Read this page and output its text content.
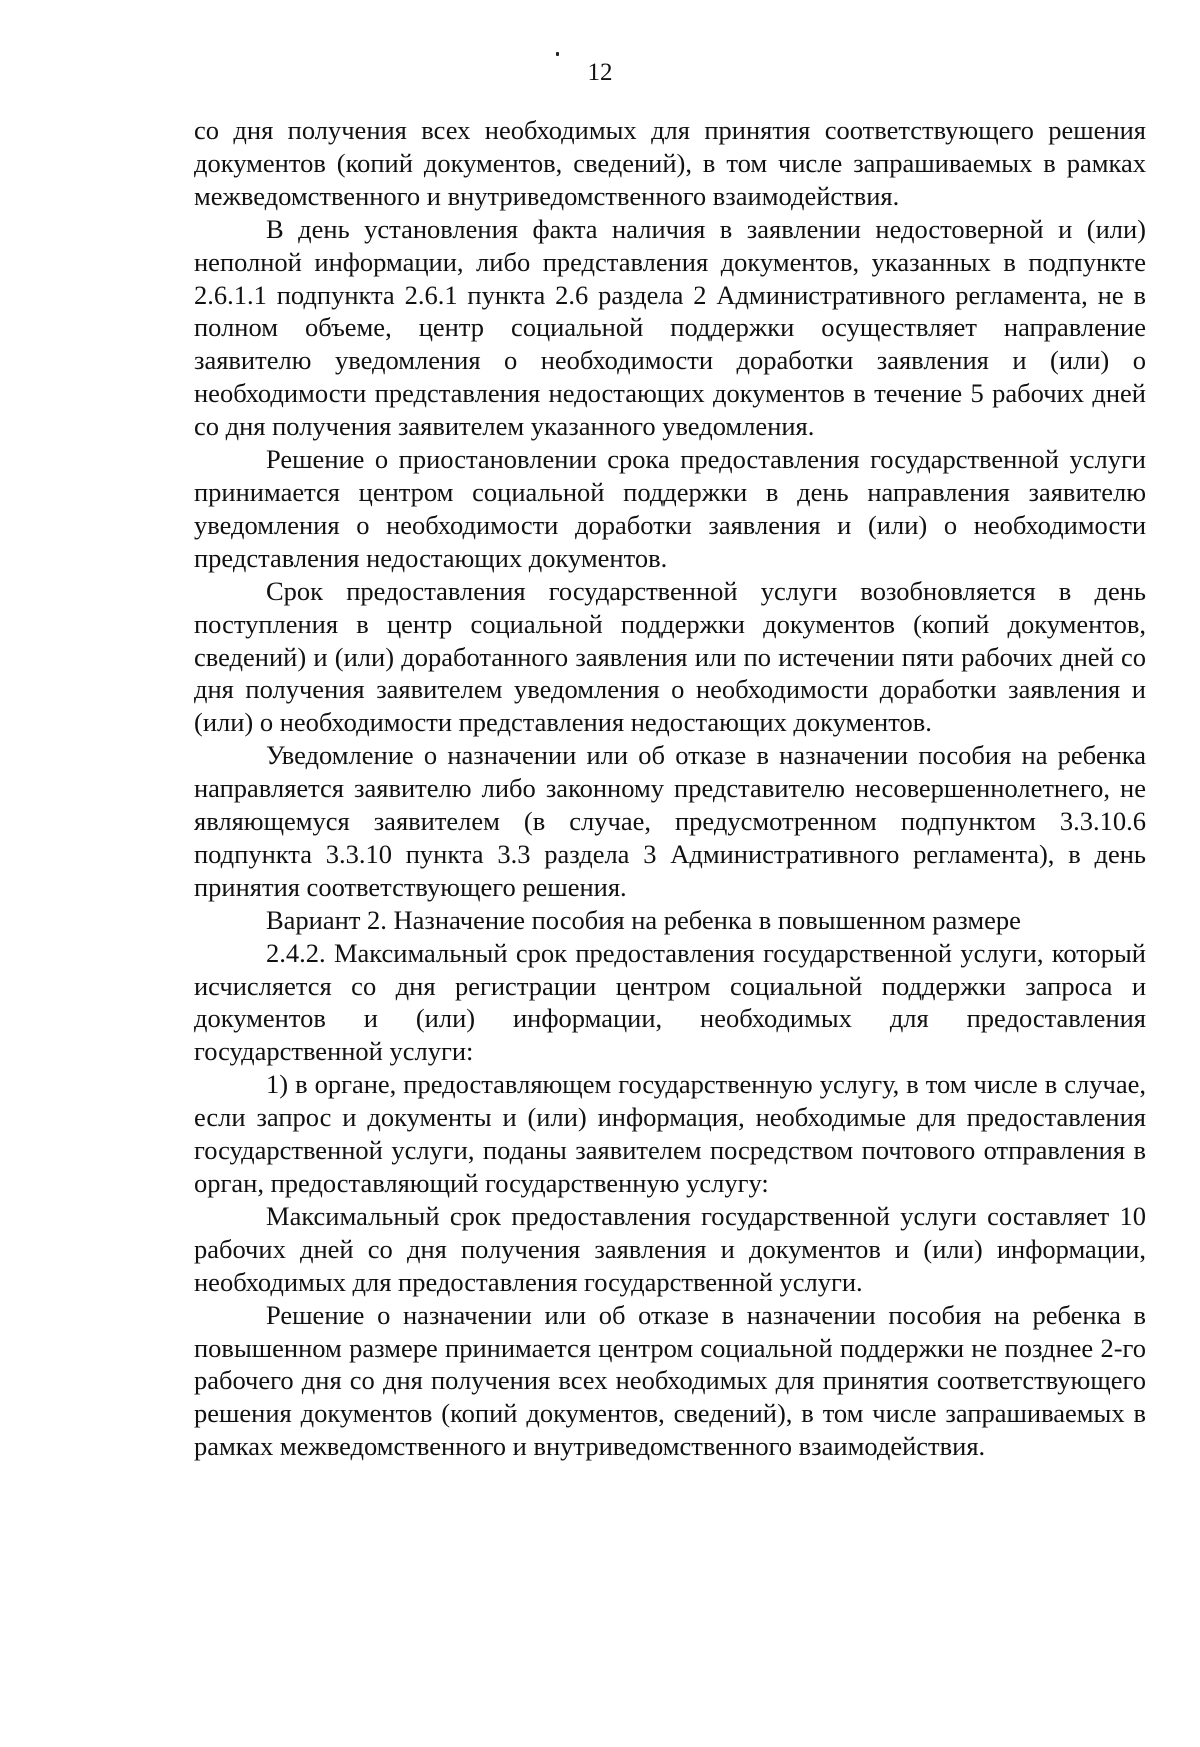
12

со дня получения всех необходимых для принятия соответствующего решения документов (копий документов, сведений), в том числе запрашиваемых в рамках межведомственного и внутриведомственного взаимодействия.

В день установления факта наличия в заявлении недостоверной и (или) неполной информации, либо представления документов, указанных в подпункте 2.6.1.1 подпункта 2.6.1 пункта 2.6 раздела 2 Административного регламента, не в полном объеме, центр социальной поддержки осуществляет направление заявителю уведомления о необходимости доработки заявления и (или) о необходимости представления недостающих документов в течение 5 рабочих дней со дня получения заявителем указанного уведомления.

Решение о приостановлении срока предоставления государственной услуги принимается центром социальной поддержки в день направления заявителю уведомления о необходимости доработки заявления и (или) о необходимости представления недостающих документов.

Срок предоставления государственной услуги возобновляется в день поступления в центр социальной поддержки документов (копий документов, сведений) и (или) доработанного заявления или по истечении пяти рабочих дней со дня получения заявителем уведомления о необходимости доработки заявления и (или) о необходимости представления недостающих документов.

Уведомление о назначении или об отказе в назначении пособия на ребенка направляется заявителю либо законному представителю несовершеннолетнего, не являющемуся заявителем (в случае, предусмотренном подпунктом 3.3.10.6 подпункта 3.3.10 пункта 3.3 раздела 3 Административного регламента), в день принятия соответствующего решения.

Вариант 2. Назначение пособия на ребенка в повышенном размере

2.4.2. Максимальный срок предоставления государственной услуги, который исчисляется со дня регистрации центром социальной поддержки запроса и документов и (или) информации, необходимых для предоставления государственной услуги:

1) в органе, предоставляющем государственную услугу, в том числе в случае, если запрос и документы и (или) информация, необходимые для предоставления государственной услуги, поданы заявителем посредством почтового отправления в орган, предоставляющий государственную услугу:

Максимальный срок предоставления государственной услуги составляет 10 рабочих дней со дня получения заявления и документов и (или) информации, необходимых для предоставления государственной услуги.

Решение о назначении или об отказе в назначении пособия на ребенка в повышенном размере принимается центром социальной поддержки не позднее 2-го рабочего дня со дня получения всех необходимых для принятия соответствующего решения документов (копий документов, сведений), в том числе запрашиваемых в рамках межведомственного и внутриведомственного взаимодействия.
